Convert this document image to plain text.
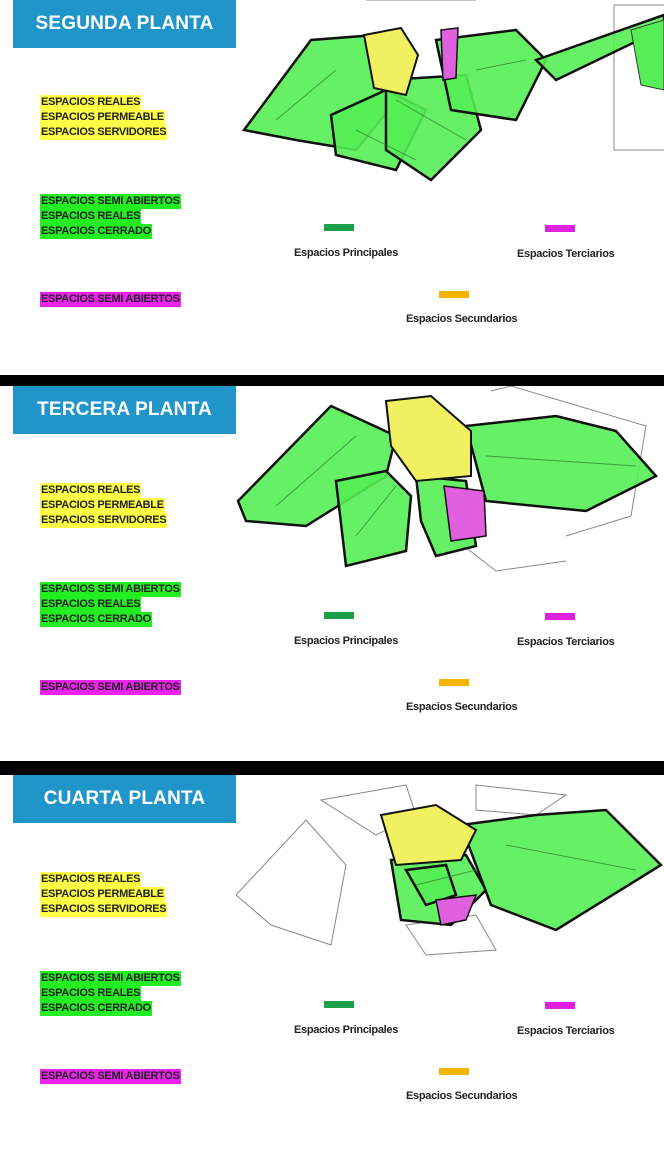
SEGUNDA PLANTA
ESPACIOS REALES
ESPACIOS PERMEABLE
ESPACIOS SERVIDORES
ESPACIOS SEMI ABIERTOS
ESPACIOS REALES
ESPACIOS CERRADO
ESPACIOS SEMI ABIERTOS
Espacios Principales	Espacios Terciarios
Espacios Secundarios
TERCERA PLANTA
ESPACIOS REALES
ESPACIOS PERMEABLE
ESPACIOS SERVIDORES
ESPACIOS SEMI ABIERTOS
ESPACIOS REALES
ESPACIOS CERRADO
ESPACIOS SEMI ABIERTOS
Espacios Principales	Espacios Terciarios
Espacios Secundarios
CUARTA PLANTA
ESPACIOS REALES
ESPACIOS PERMEABLE
ESPACIOS SERVIDORES
ESPACIOS SEMI ABIERTOS
ESPACIOS REALES
ESPACIOS CERRADO
ESPACIOS SEMI ABIERTOS
Espacios Principales	Espacios Terciarios
Espacios Secundarios
